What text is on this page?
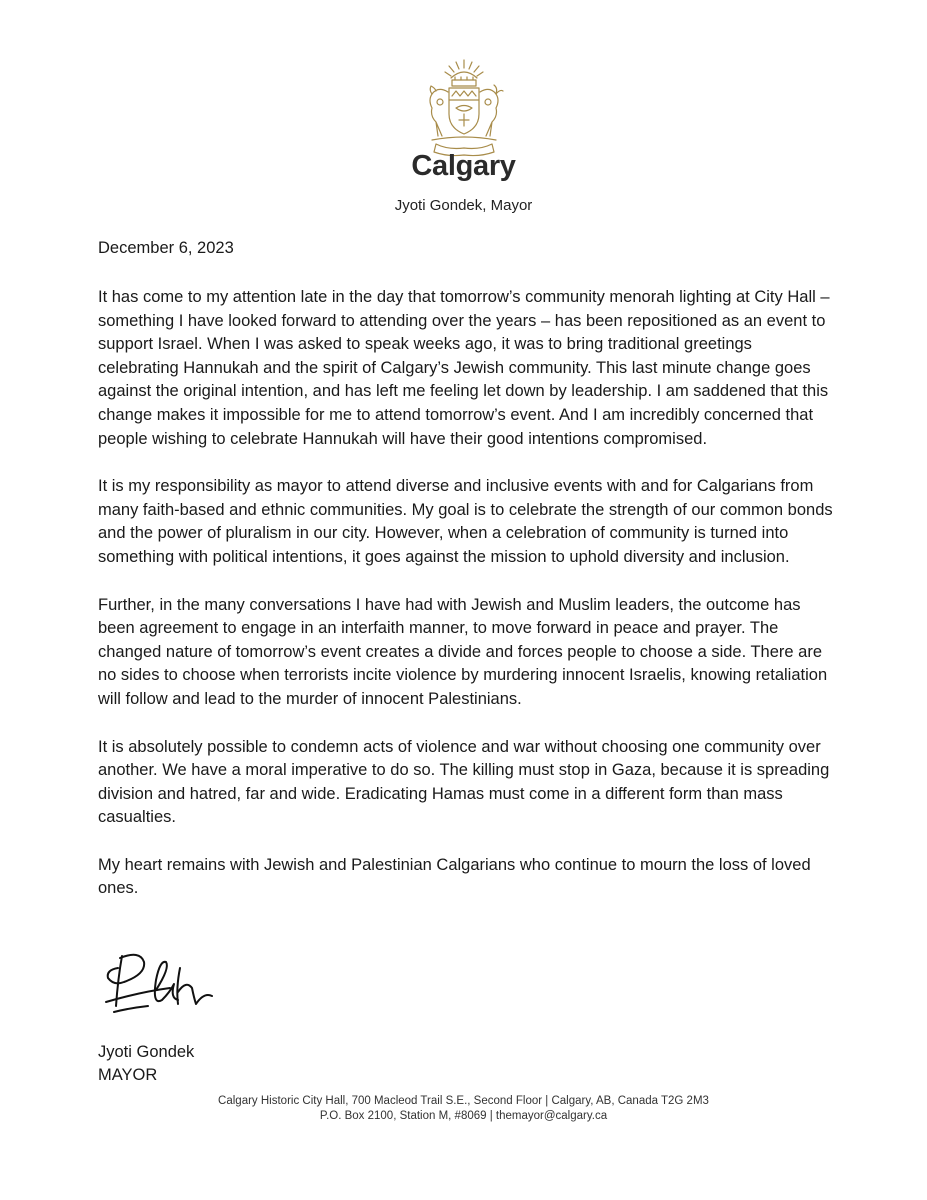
Calgary
Jyoti Gondek, Mayor
December 6, 2023

It has come to my attention late in the day that tomorrow’s community menorah lighting at City Hall – something I have looked forward to attending over the years – has been repositioned as an event to support Israel. When I was asked to speak weeks ago, it was to bring traditional greetings celebrating Hannukah and the spirit of Calgary’s Jewish community. This last minute change goes against the original intention, and has left me feeling let down by leadership. I am saddened that this change makes it impossible for me to attend tomorrow’s event. And I am incredibly concerned that people wishing to celebrate Hannukah will have their good intentions compromised.

It is my responsibility as mayor to attend diverse and inclusive events with and for Calgarians from many faith-based and ethnic communities. My goal is to celebrate the strength of our common bonds and the power of pluralism in our city. However, when a celebration of community is turned into something with political intentions, it goes against the mission to uphold diversity and inclusion.

Further, in the many conversations I have had with Jewish and Muslim leaders, the outcome has been agreement to engage in an interfaith manner, to move forward in peace and prayer. The changed nature of tomorrow’s event creates a divide and forces people to choose a side. There are no sides to choose when terrorists incite violence by murdering innocent Israelis, knowing retaliation will follow and lead to the murder of innocent Palestinians.

It is absolutely possible to condemn acts of violence and war without choosing one community over another. We have a moral imperative to do so. The killing must stop in Gaza, because it is spreading division and hatred, far and wide. Eradicating Hamas must come in a different form than mass casualties.

My heart remains with Jewish and Palestinian Calgarians who continue to mourn the loss of loved ones.

Jyoti Gondek
MAYOR
Calgary Historic City Hall, 700 Macleod Trail S.E., Second Floor | Calgary, AB, Canada T2G 2M3
P.O. Box 2100, Station M, #8069 | themayor@calgary.ca
